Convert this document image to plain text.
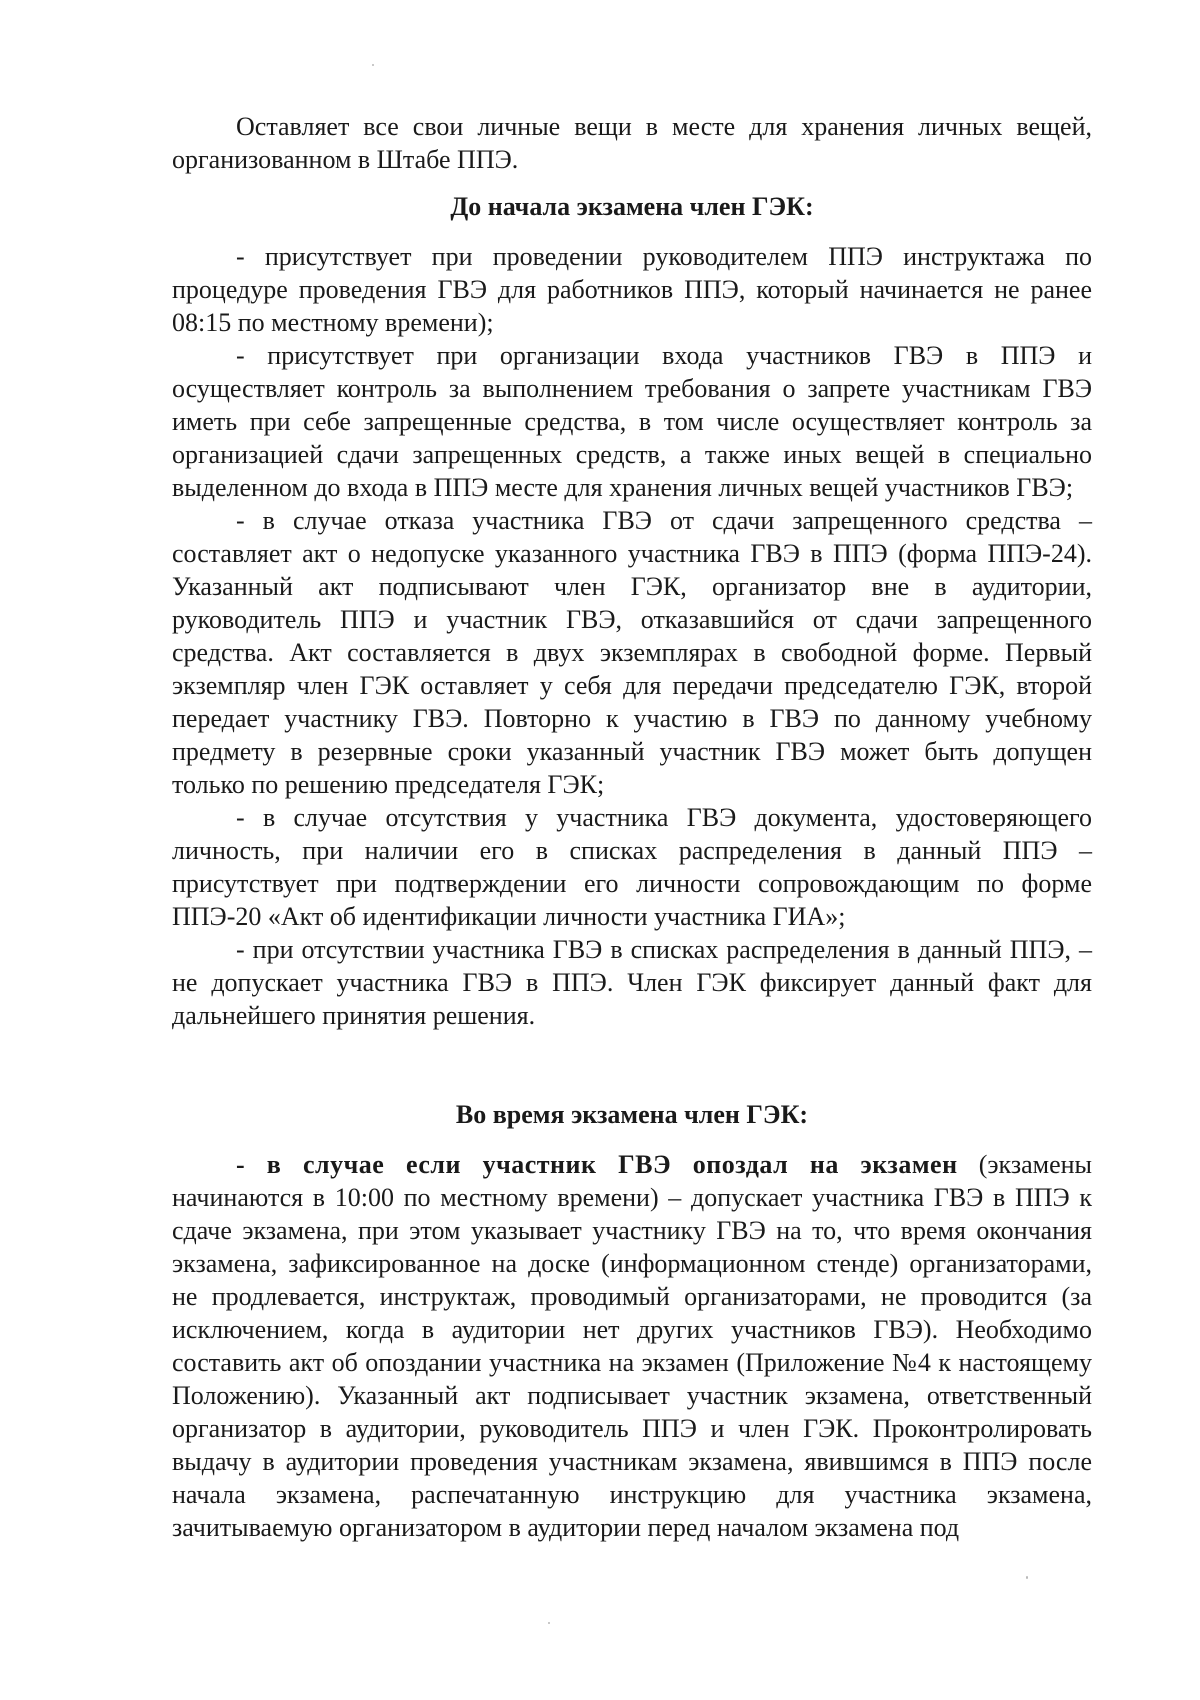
Оставляет все свои личные вещи в месте для хранения личных вещей, организованном в Штабе ППЭ.

До начала экзамена член ГЭК:

- присутствует при проведении руководителем ППЭ инструктажа по процедуре проведения ГВЭ для работников ППЭ, который начинается не ранее 08:15 по местному времени);

- присутствует при организации входа участников ГВЭ в ППЭ и осуществляет контроль за выполнением требования о запрете участникам ГВЭ иметь при себе запрещенные средства, в том числе осуществляет контроль за организацией сдачи запрещенных средств, а также иных вещей в специально выделенном до входа в ППЭ месте для хранения личных вещей участников ГВЭ;

- в случае отказа участника ГВЭ от сдачи запрещенного средства – составляет акт о недопуске указанного участника ГВЭ в ППЭ (форма ППЭ-24). Указанный акт подписывают член ГЭК, организатор вне в аудитории, руководитель ППЭ и участник ГВЭ, отказавшийся от сдачи запрещенного средства. Акт составляется в двух экземплярах в свободной форме. Первый экземпляр член ГЭК оставляет у себя для передачи председателю ГЭК, второй передает участнику ГВЭ. Повторно к участию в ГВЭ по данному учебному предмету в резервные сроки указанный участник ГВЭ может быть допущен только по решению председателя ГЭК;

- в случае отсутствия у участника ГВЭ документа, удостоверяющего личность, при наличии его в списках распределения в данный ППЭ – присутствует при подтверждении его личности сопровождающим по форме ППЭ-20 «Акт об идентификации личности участника ГИА»;

- при отсутствии участника ГВЭ в списках распределения в данный ППЭ, – не допускает участника ГВЭ в ППЭ. Член ГЭК фиксирует данный факт для дальнейшего принятия решения.

Во время экзамена член ГЭК:

- в случае если участник ГВЭ опоздал на экзамен (экзамены начинаются в 10:00 по местному времени) – допускает участника ГВЭ в ППЭ к сдаче экзамена, при этом указывает участнику ГВЭ на то, что время окончания экзамена, зафиксированное на доске (информационном стенде) организаторами, не продлевается, инструктаж, проводимый организаторами, не проводится (за исключением, когда в аудитории нет других участников ГВЭ). Необходимо составить акт об опоздании участника на экзамен (Приложение №4 к настоящему Положению). Указанный акт подписывает участник экзамена, ответственный организатор в аудитории, руководитель ППЭ и член ГЭК. Проконтролировать выдачу в аудитории проведения участникам экзамена, явившимся в ППЭ после начала экзамена, распечатанную инструкцию для участника экзамена, зачитываемую организатором в аудитории перед началом экзамена под
